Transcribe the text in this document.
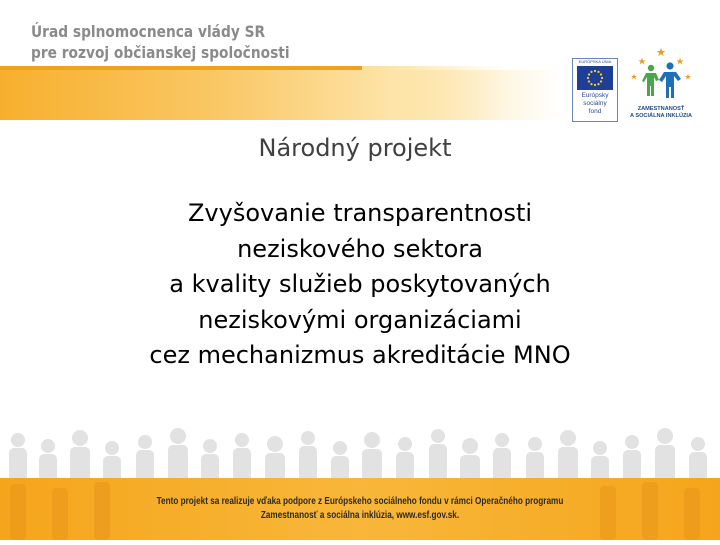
Úrad splnomocnenca vlády SR
pre rozvoj občianskej spoločnosti	EURÓPSKA ÚNIA
Európsky
sociálny
fond	ZAMESTNANOSŤ
A SOCIÁLNA INKLÚZIA
Národný projekt
Zvyšovanie transparentnosti
neziskového sektora
a kvality služieb poskytovaných
neziskovými organizáciami
cez mechanizmus akreditácie MNO
Tento projekt sa realizuje vďaka podpore z Európskeho sociálneho fondu v rámci Operačného programu
Zamestnanosť a sociálna inklúzia, www.esf.gov.sk.
